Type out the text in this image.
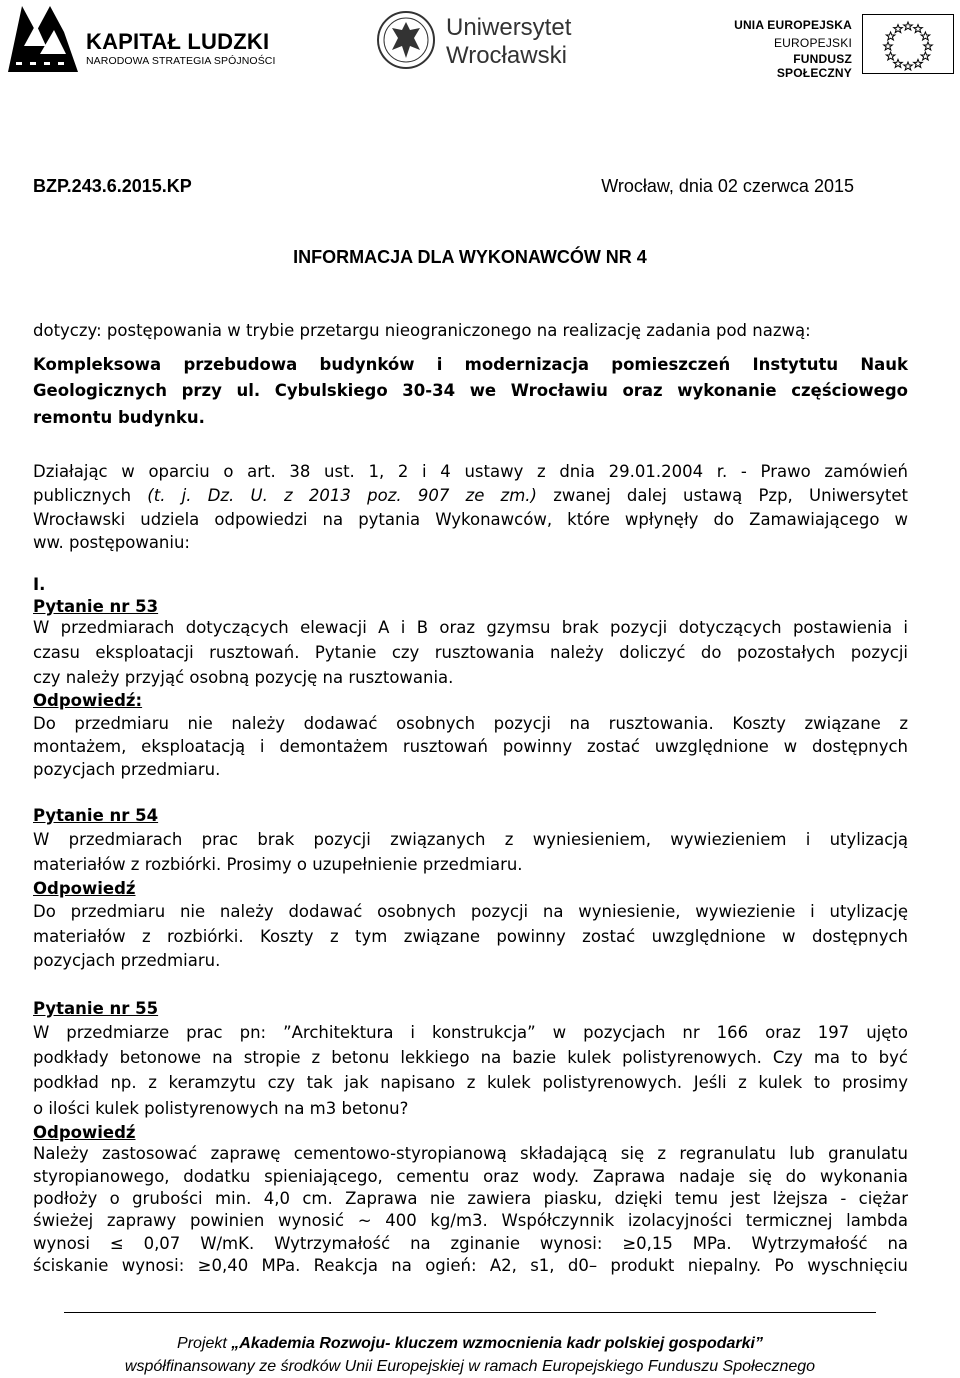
KAPITAŁ LUDZKI
NARODOWA STRATEGIA SPÓJNOŚCI
Uniwersytet
Wrocławski
UNIA EUROPEJSKA
EUROPEJSKI
FUNDUSZ SPOŁECZNY
BZP.243.6.2015.KP	Wrocław, dnia 02 czerwca 2015
INFORMACJA DLA WYKONAWCÓW NR 4
dotyczy: postępowania w trybie przetargu nieograniczonego na realizację zadania pod nazwą:
Kompleksowa przebudowa budynków i modernizacja pomieszczeń Instytutu Nauk
Geologicznych przy ul. Cybulskiego 30-34 we Wrocławiu oraz wykonanie częściowego
remontu budynku.
Działając w oparciu o art. 38 ust. 1, 2 i 4 ustawy z dnia 29.01.2004 r. - Prawo zamówień
publicznych (t. j. Dz. U. z 2013 poz. 907 ze zm.) zwanej dalej ustawą Pzp, Uniwersytet
Wrocławski udziela odpowiedzi na pytania Wykonawców, które wpłynęły do Zamawiającego w
ww. postępowaniu:
I.
Pytanie nr 53
W przedmiarach dotyczących elewacji A i B oraz gzymsu brak pozycji dotyczących postawienia i
czasu eksploatacji rusztowań. Pytanie czy rusztowania należy doliczyć do pozostałych pozycji
czy należy przyjąć osobną pozycję na rusztowania.
Odpowiedź:
Do przedmiaru nie należy dodawać osobnych pozycji na rusztowania. Koszty związane z
montażem, eksploatacją i demontażem rusztowań powinny zostać uwzględnione w dostępnych
pozycjach przedmiaru.
Pytanie nr 54
W przedmiarach prac brak pozycji związanych z wyniesieniem, wywiezieniem i utylizacją
materiałów z rozbiórki. Prosimy o uzupełnienie przedmiaru.
Odpowiedź
Do przedmiaru nie należy dodawać osobnych pozycji na wyniesienie, wywiezienie i utylizację
materiałów z rozbiórki. Koszty z tym związane powinny zostać uwzględnione w dostępnych
pozycjach przedmiaru.
Pytanie nr 55
W przedmiarze prac pn: ”Architektura i konstrukcja” w pozycjach nr 166 oraz 197 ujęto
podkłady betonowe na stropie z betonu lekkiego na bazie kulek polistyrenowych. Czy ma to być
podkład np. z keramzytu czy tak jak napisano z kulek polistyrenowych. Jeśli z kulek to prosimy
o ilości kulek polistyrenowych na m3 betonu?
Odpowiedź
Należy zastosować zaprawę cementowo-styropianową składającą się z regranulatu lub granulatu
styropianowego, dodatku spieniającego, cementu oraz wody. Zaprawa nadaje się do wykonania
podłoży o grubości min. 4,0 cm. Zaprawa nie zawiera piasku, dzięki temu jest lżejsza - ciężar
świeżej zaprawy powinien wynosić ~ 400 kg/m3. Współczynnik izolacyjności termicznej lambda
wynosi ≤ 0,07 W/mK. Wytrzymałość na zginanie wynosi: ≥0,15 MPa. Wytrzymałość na
ściskanie wynosi: ≥0,40 MPa. Reakcja na ogień: A2, s1, d0– produkt niepalny. Po wyschnięciu
Projekt „Akademia Rozwoju- kluczem wzmocnienia kadr polskiej gospodarki”
współfinansowany ze środków Unii Europejskiej w ramach Europejskiego Funduszu Społecznego
